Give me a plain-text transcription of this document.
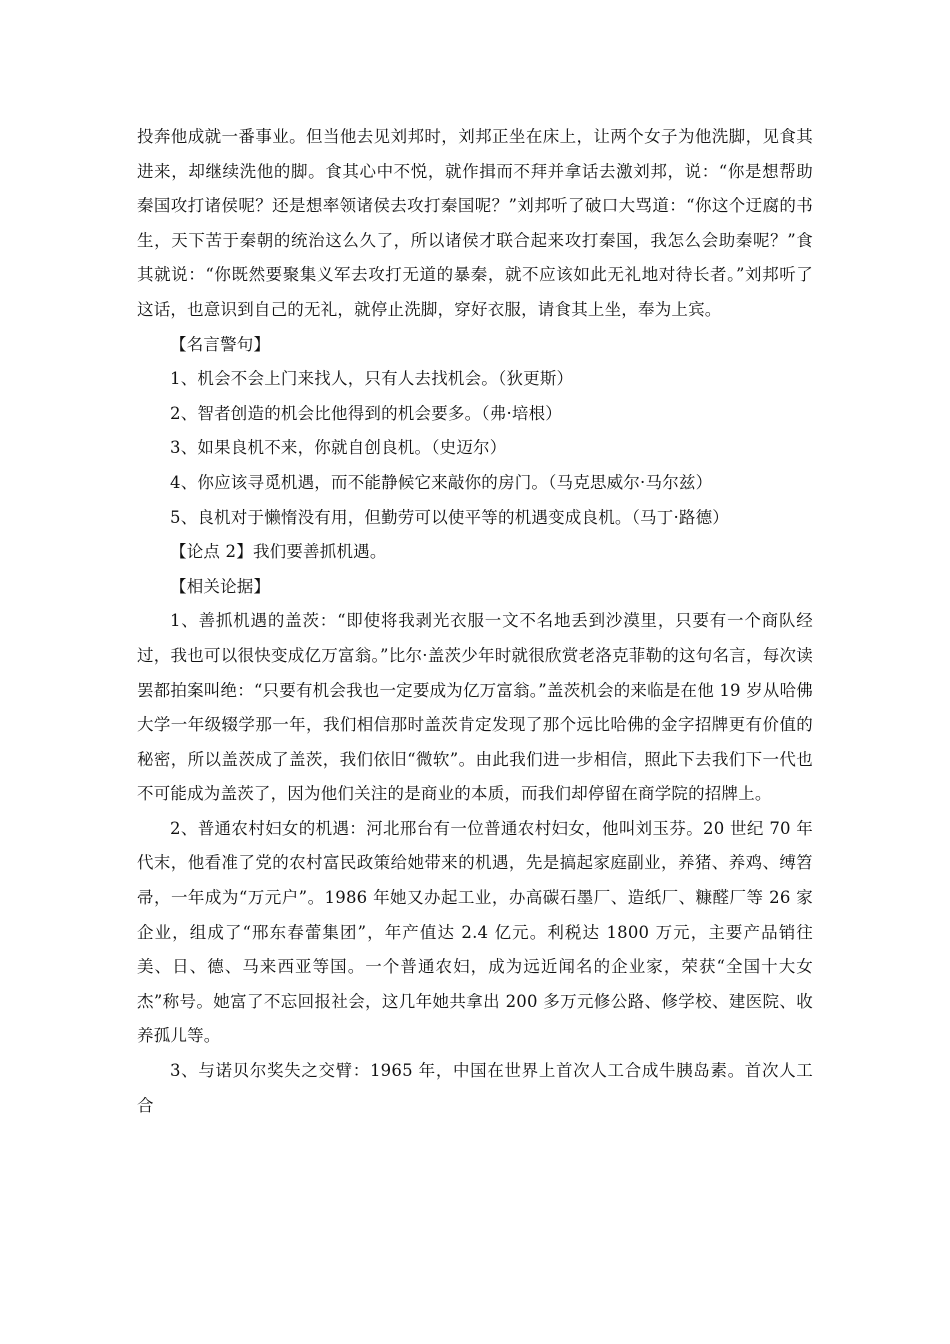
投奔他成就一番事业。但当他去见刘邦时，刘邦正坐在床上，让两个女子为他洗脚，见食其进来，却继续洗他的脚。食其心中不悦，就作揖而不拜并拿话去激刘邦，说：“你是想帮助秦国攻打诸侯呢？还是想率领诸侯去攻打秦国呢？”刘邦听了破口大骂道：“你这个迂腐的书生，天下苦于秦朝的统治这么久了，所以诸侯才联合起来攻打秦国，我怎么会助秦呢？”食其就说：“你既然要聚集义军去攻打无道的暴秦，就不应该如此无礼地对待长者。”刘邦听了这话，也意识到自己的无礼，就停止洗脚，穿好衣服，请食其上坐，奉为上宾。

【名言警句】

1、机会不会上门来找人，只有人去找机会。（狄更斯）

2、智者创造的机会比他得到的机会要多。（弗·培根）

3、如果良机不来，你就自创良机。（史迈尔）

4、你应该寻觅机遇，而不能静候它来敲你的房门。（马克思威尔·马尔兹）

5、良机对于懒惰没有用，但勤劳可以使平等的机遇变成良机。（马丁·路德）

【论点 2】我们要善抓机遇。

【相关论据】

1、善抓机遇的盖茨：“即使将我剥光衣服一文不名地丢到沙漠里，只要有一个商队经过，我也可以很快变成亿万富翁。”比尔·盖茨少年时就很欣赏老洛克菲勒的这句名言，每次读罢都拍案叫绝：“只要有机会我也一定要成为亿万富翁。”盖茨机会的来临是在他 19 岁从哈佛大学一年级辍学那一年，我们相信那时盖茨肯定发现了那个远比哈佛的金字招牌更有价值的秘密，所以盖茨成了盖茨，我们依旧“微软”。由此我们进一步相信，照此下去我们下一代也不可能成为盖茨了，因为他们关注的是商业的本质，而我们却停留在商学院的招牌上。

2、普通农村妇女的机遇：河北邢台有一位普通农村妇女，他叫刘玉芬。20 世纪 70 年代末，他看准了党的农村富民政策给她带来的机遇，先是搞起家庭副业，养猪、养鸡、缚笤帚，一年成为“万元户”。1986 年她又办起工业，办高碳石墨厂、造纸厂、糠醛厂等 26 家企业，组成了“邢东春蕾集团”，年产值达 2.4 亿元。利税达 1800 万元，主要产品销往美、日、德、马来西亚等国。一个普通农妇，成为远近闻名的企业家，荣获“全国十大女杰”称号。她富了不忘回报社会，这几年她共拿出 200 多万元修公路、修学校、建医院、收养孤儿等。

3、与诺贝尔奖失之交臂：1965 年，中国在世界上首次人工合成牛胰岛素。首次人工合
